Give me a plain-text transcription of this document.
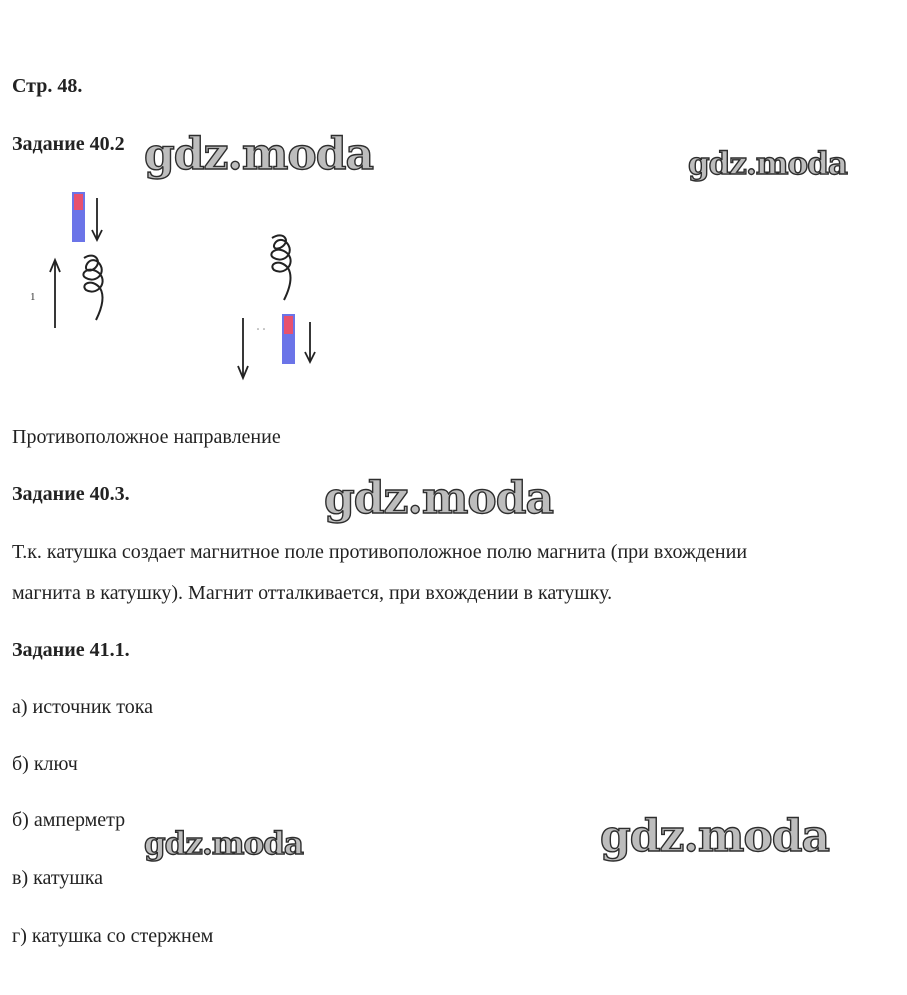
Стр. 48.
Задание 40.2 gdz.moda	gdz.moda
1
Противоположное направление
Задание 40.3.	gdz.moda
Т.к. катушка создает магнитное поле противоположное полю магнита (при вхождении
магнита в катушку). Магнит отталкивается, при вхождении в катушку.
Задание 41.1.
а) источник тока
б) ключ
б) амперметр
gdz.moda	gdz.moda
в) катушка
г) катушка со стержнем
